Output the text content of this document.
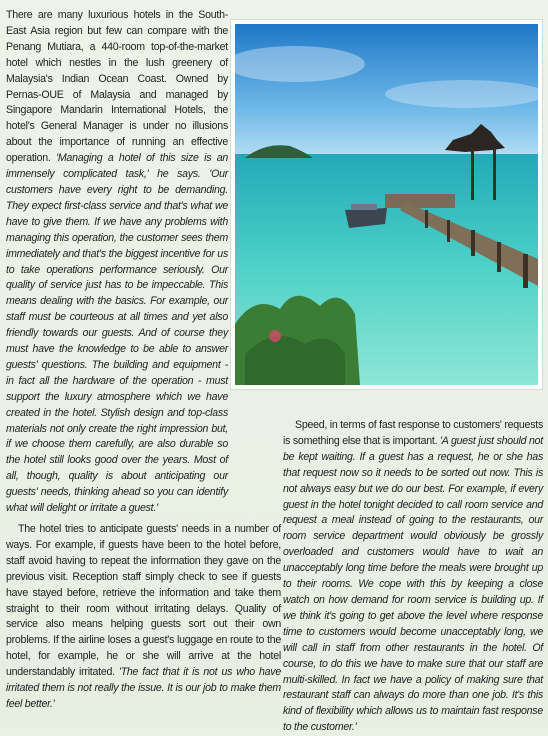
There are many luxurious hotels in the South-East Asia region but few can compare with the Penang Mutiara, a 440-room top-of-the-market hotel which nestles in the lush greenery of Malaysia's Indian Ocean Coast. Owned by Pernas-OUE of Malaysia and managed by Singapore Mandarin International Hotels, the hotel's General Manager is under no illusions about the importance of running an effective operation. 'Managing a hotel of this size is an immensely complicated task,' he says. 'Our customers have every right to be demanding. They expect first-class service and that's what we have to give them. If we have any problems with managing this operation, the customer sees them immediately and that's the biggest incentive for us to take operations performance seriously. Our quality of service just has to be impeccable. This means dealing with the basics. For example, our staff must be courteous at all times and yet also friendly towards our guests. And of course they must have the knowledge to be able to answer guests' questions. The building and equipment - in fact all the hardware of the operation - must support the luxury atmosphere which we have created in the hotel. Stylish design and top-class materials not only create the right impression but, if we choose them carefully, are also durable so the hotel still looks good over the years. Most of all, though, quality is about anticipating our guests' needs, thinking ahead so you can identify what will delight or irritate a guest.'

The hotel tries to anticipate guests' needs in a number of ways. For example, if guests have been to the hotel before, staff avoid having to repeat the information they gave on the previous visit. Reception staff simply check to see if guests have stayed before, retrieve the information and take them straight to their room without irritating delays. Quality of service also means helping guests sort out their own problems. If the airline loses a guest's luggage en route to the hotel, for example, he or she will arrive at the hotel understandably irritated. 'The fact that it is not us who have irritated them is not really the issue. It is our job to make them feel better.'

Speed, in terms of fast response to customers' requests is something else that is important. 'A guest just should not be kept waiting. If a guest has a request, he or she has that request now so it needs to be sorted out now. This is not always easy but we do our best. For example, if every guest in the hotel tonight decided to call room service and request a meal instead of going to the restaurants, our room service department would obviously be grossly overloaded and customers would have to wait an unacceptably long time before the meals were brought up to their rooms. We cope with this by keeping a close watch on how demand for room service is building up. If we think it's going to get above the level where response time to customers would become unacceptably long, we will call in staff from other restaurants in the hotel. Of course, to do this we have to make sure that our staff are multi-skilled. In fact we have a policy of making sure that restaurant staff can always do more than one job. It's this kind of flexibility which allows us to maintain fast response to the customer.'
